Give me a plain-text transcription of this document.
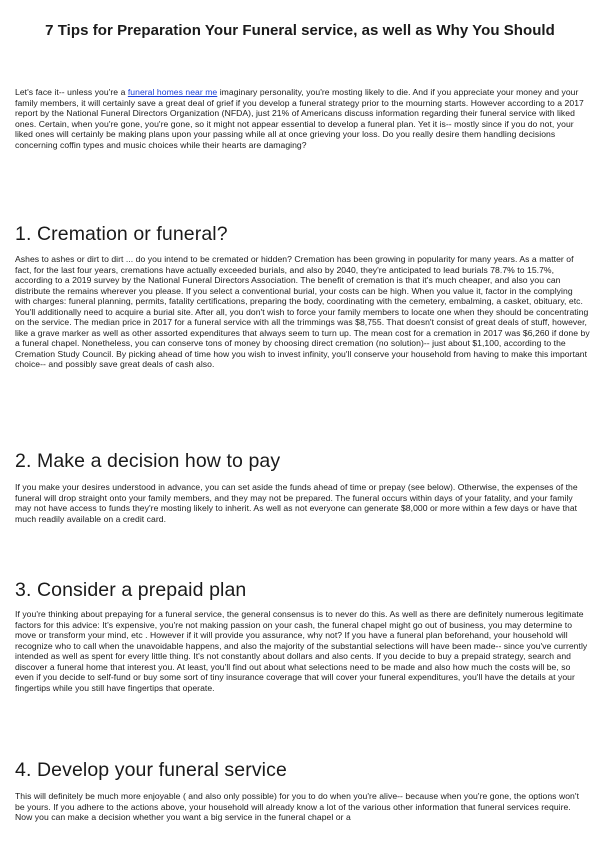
7 Tips for Preparation Your Funeral service, as well as Why You Should

Let's face it-- unless you're a funeral homes near me imaginary personality, you're mosting likely to die. And if you appreciate your money and your family members, it will certainly save a great deal of grief if you develop a funeral strategy prior to the mourning starts. However according to a 2017 report by the National Funeral Directors Organization (NFDA), just 21% of Americans discuss information regarding their funeral service with liked ones. Certain, when you're gone, you're gone, so it might not appear essential to develop a funeral plan. Yet it is-- mostly since if you do not, your liked ones will certainly be making plans upon your passing while all at once grieving your loss. Do you really desire them handling decisions concerning coffin types and music choices while their hearts are damaging?

1. Cremation or funeral?

Ashes to ashes or dirt to dirt ... do you intend to be cremated or hidden? Cremation has been growing in popularity for many years. As a matter of fact, for the last four years, cremations have actually exceeded burials, and also by 2040, they're anticipated to lead burials 78.7% to 15.7%, according to a 2019 survey by the National Funeral Directors Association. The benefit of cremation is that it's much cheaper, and also you can distribute the remains wherever you please. If you select a conventional burial, your costs can be high. When you value it, factor in the complying with charges: funeral planning, permits, fatality certifications, preparing the body, coordinating with the cemetery, embalming, a casket, obituary, etc. You'll additionally need to acquire a burial site. After all, you don't wish to force your family members to locate one when they should be concentrating on the service. The median price in 2017 for a funeral service with all the trimmings was $8,755. That doesn't consist of great deals of stuff, however, like a grave marker as well as other assorted expenditures that always seem to turn up. The mean cost for a cremation in 2017 was $6,260 if done by a funeral chapel. Nonetheless, you can conserve tons of money by choosing direct cremation (no solution)-- just about $1,100, according to the Cremation Study Council. By picking ahead of time how you wish to invest infinity, you'll conserve your household from having to make this important choice-- and possibly save great deals of cash also.

2. Make a decision how to pay

If you make your desires understood in advance, you can set aside the funds ahead of time or prepay (see below). Otherwise, the expenses of the funeral will drop straight onto your family members, and they may not be prepared. The funeral occurs within days of your fatality, and your family may not have access to funds they're mosting likely to inherit. As well as not everyone can generate $8,000 or more within a few days or have that much readily available on a credit card.

3. Consider a prepaid plan

If you're thinking about prepaying for a funeral service, the general consensus is to never do this. As well as there are definitely numerous legitimate factors for this advice: It's expensive, you're not making passion on your cash, the funeral chapel might go out of business, you may determine to move or transform your mind, etc . However if it will provide you assurance, why not? If you have a funeral plan beforehand, your household will recognize who to call when the unavoidable happens, and also the majority of the substantial selections will have been made-- since you've currently intended as well as spent for every little thing. It's not constantly about dollars and also cents. If you decide to buy a prepaid strategy, search and discover a funeral home that interest you. At least, you'll find out about what selections need to be made and also how much the costs will be, so even if you decide to self-fund or buy some sort of tiny insurance coverage that will cover your funeral expenditures, you'll have the details at your fingertips while you still have fingertips that operate.

4. Develop your funeral service

This will definitely be much more enjoyable ( and also only possible) for you to do when you're alive-- because when you're gone, the options won't be yours. If you adhere to the actions above, your household will already know a lot of the various other information that funeral services require. Now you can make a decision whether you want a big service in the funeral chapel or a
